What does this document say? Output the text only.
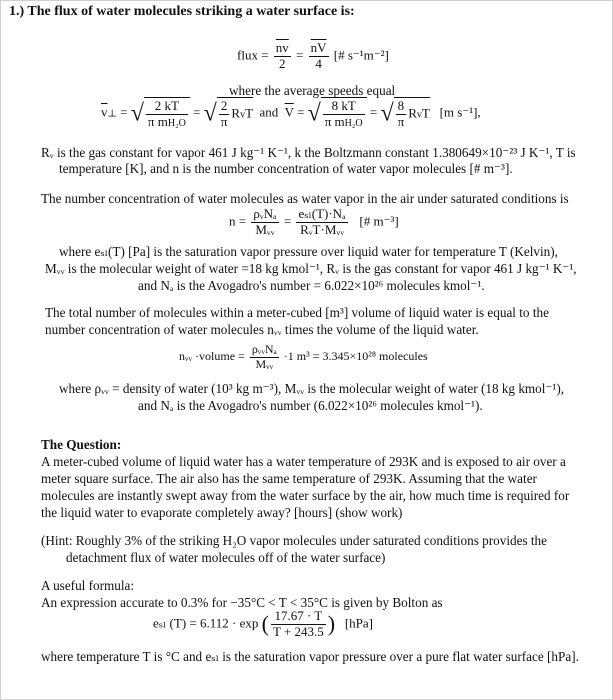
1.) The flux of water molecules striking a water surface is:
flux = $\frac{\overline{nv}}{2} = \frac{\overline{nV}}{4}$ [# s⁻¹m⁻²]
where the average speeds equal
$\overline{v}\perp$ = √ $\frac{2 kT}{\text{π mH₂O}}$ = √ $\frac{2}{\pi}$ RvT and $\overline{V}$ = √ $\frac{8 kT}{\text{π mH₂O}}$ = √ $\frac{8}{\pi}$ RvT [m s⁻¹],
Rᵥ is the gas constant for vapor 461 J kg⁻¹ K⁻¹, k the Boltzmann constant 1.380649×10⁻²³ J K⁻¹, T is
temperature [K], and n is the number concentration of water vapor molecules [# m⁻³].
The number concentration of water molecules as water vapor in the air under saturated conditions is
$n = \frac{\text{ρᵥNₐ}}{\text{Mᵥᵥ}} = \frac{\text{eₛₗ(T)·Nₐ}}{\text{RᵥT·Mᵥᵥ}}$ [# m⁻³]
where eₛₗ(T) [Pa] is the saturation vapor pressure over liquid water for temperature T (Kelvin),
Mᵥᵥ is the molecular weight of water =18 kg kmol⁻¹, Rᵥ is the gas constant for vapor 461 J kg⁻¹ K⁻¹,
and Nₐ is the Avogadro's number = 6.022×10²⁶ molecules kmol⁻¹.
The total number of molecules within a meter-cubed [m³] volume of liquid water is equal to the
number concentration of water molecules nᵥᵥ times the volume of the liquid water.
nᵥᵥ ·volume = $\frac{\text{ρᵥᵥNₐ}}{\text{Mᵥᵥ}} \cdot 1$ m³ = 3.345×10²⁸ molecules
where ρᵥᵥ = density of water (10³ kg m⁻³), Mᵥᵥ is the molecular weight of water (18 kg kmol⁻¹),
and Nₐ is the Avogadro's number (6.022×10²⁶ molecules kmol⁻¹).
The Question:
A meter-cubed volume of liquid water has a water temperature of 293K and is exposed to air over a
meter square surface. The air also has the same temperature of 293K. Assuming that the water
molecules are instantly swept away from the water surface by the air, how much time is required for
the liquid water to evaporate completely away? [hours] (show work)
(Hint: Roughly 3% of the striking H₂O vapor molecules under saturated conditions provides the
detachment flux of water molecules off of the water surface)
A useful formula:
An expression accurate to 0.3% for −35°C < T < 35°C is given by Bolton as
eₛₗ (T) = 6.112 · exp ( $\frac{17.67 \cdot T}{T + 243.5}$ ) [hPa]
where temperature T is °C and eₛₗ is the saturation vapor pressure over a pure flat water surface [hPa].
